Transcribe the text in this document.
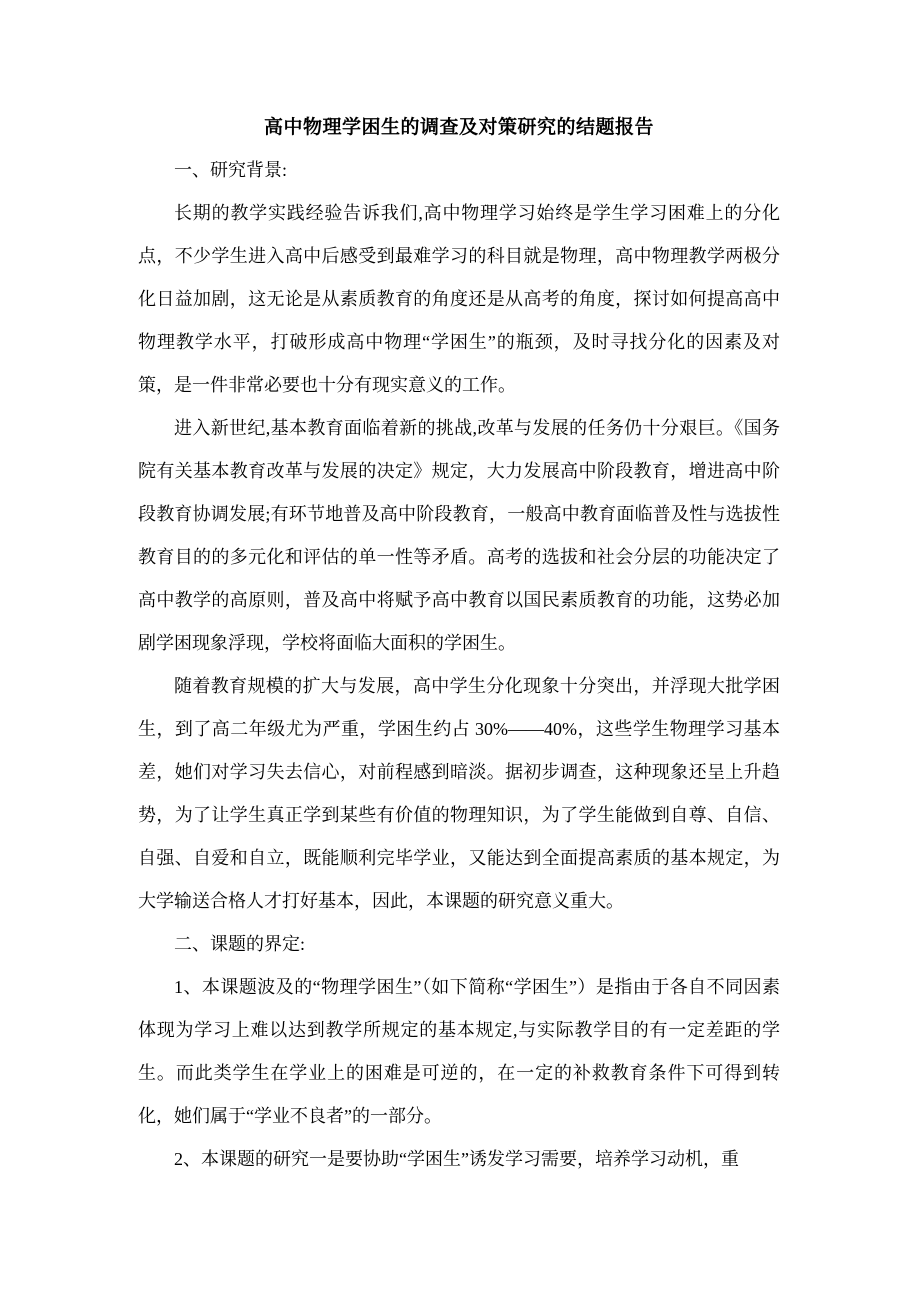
高中物理学困生的调查及对策研究的结题报告

一、研究背景:

长期的教学实践经验告诉我们,高中物理学习始终是学生学习困难上的分化点，不少学生进入高中后感受到最难学习的科目就是物理，高中物理教学两极分化日益加剧，这无论是从素质教育的角度还是从高考的角度，探讨如何提高高中物理教学水平，打破形成高中物理“学困生”的瓶颈，及时寻找分化的因素及对策，是一件非常必要也十分有现实意义的工作。

进入新世纪,基本教育面临着新的挑战,改革与发展的任务仍十分艰巨。《国务院有关基本教育改革与发展的决定》规定，大力发展高中阶段教育，增进高中阶段教育协调发展;有环节地普及高中阶段教育，一般高中教育面临普及性与选拔性教育目的的多元化和评估的单一性等矛盾。高考的选拔和社会分层的功能决定了高中教学的高原则，普及高中将赋予高中教育以国民素质教育的功能，这势必加剧学困现象浮现，学校将面临大面积的学困生。

随着教育规模的扩大与发展，高中学生分化现象十分突出，并浮现大批学困生，到了高二年级尤为严重，学困生约占 30%——40%，这些学生物理学习基本差，她们对学习失去信心，对前程感到暗淡。据初步调查，这种现象还呈上升趋势，为了让学生真正学到某些有价值的物理知识，为了学生能做到自尊、自信、自强、自爱和自立，既能顺利完毕学业，又能达到全面提高素质的基本规定，为大学输送合格人才打好基本，因此，本课题的研究意义重大。

二、课题的界定:

1、本课题波及的“物理学困生”（如下简称“学困生”）是指由于各自不同因素体现为学习上难以达到教学所规定的基本规定,与实际教学目的有一定差距的学生。而此类学生在学业上的困难是可逆的，在一定的补救教育条件下可得到转化，她们属于“学业不良者”的一部分。

2、本课题的研究一是要协助“学困生”诱发学习需要，培养学习动机，重
